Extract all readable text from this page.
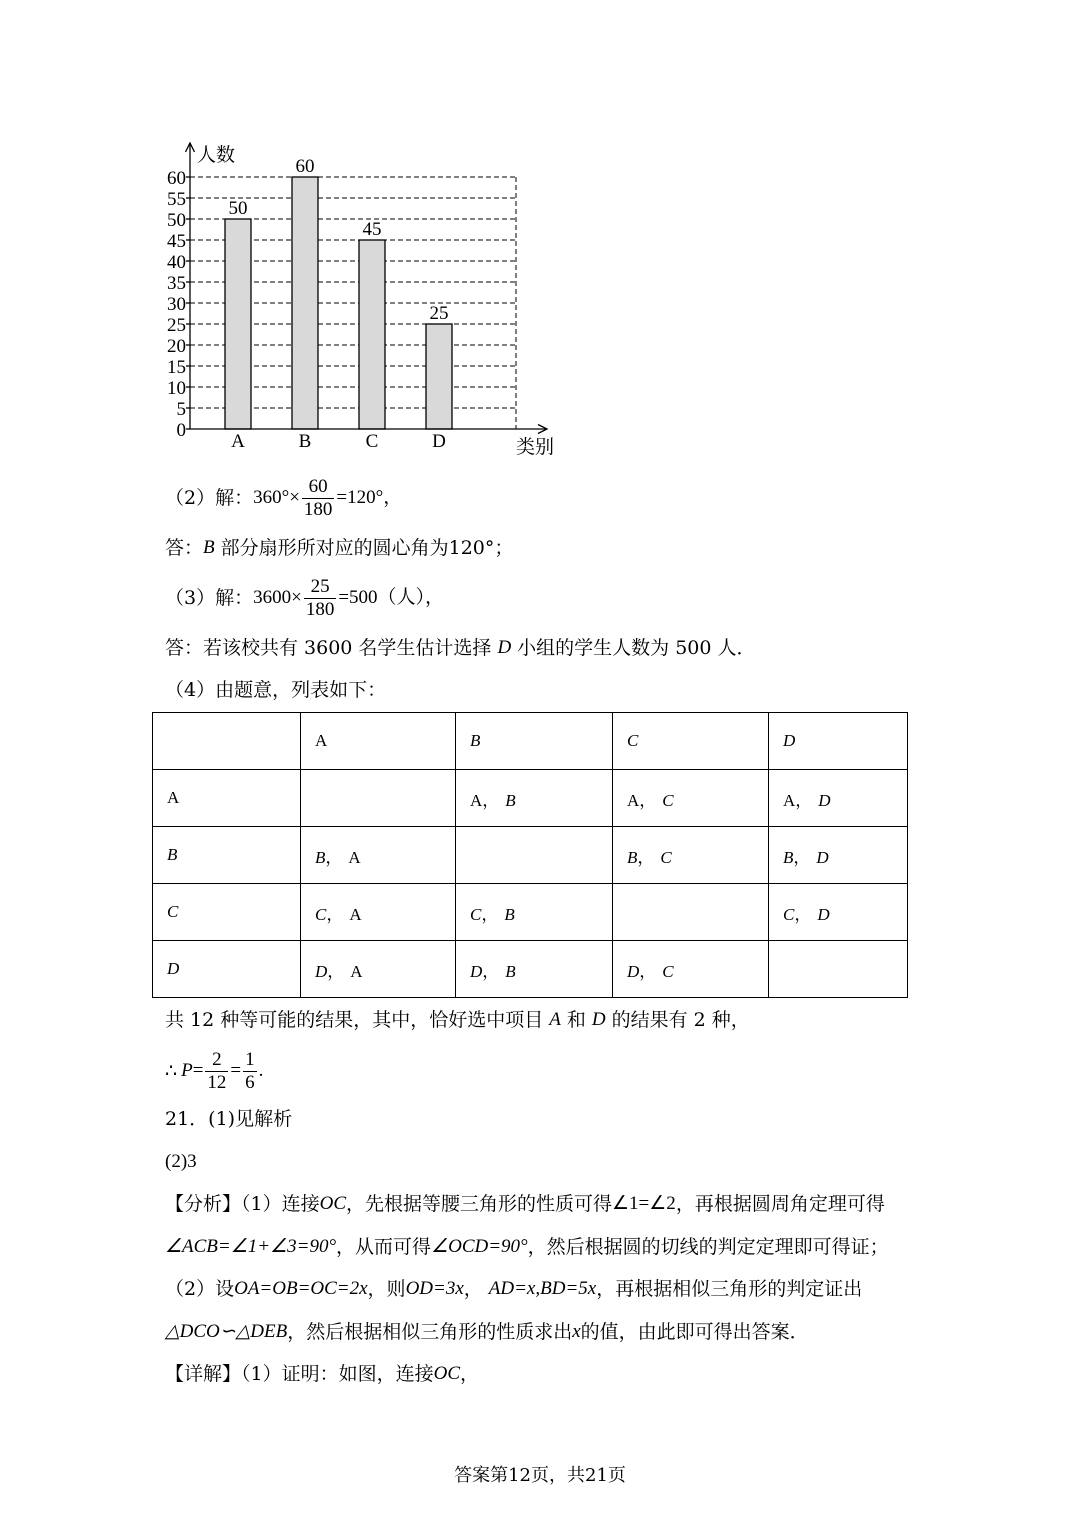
0
5
10
15
20
25
30
35
40
45
50
55
60
50
A
60
B
45
C
25
D
人数
类别
（2）解： $360^\circ\times \frac{60}{180} =120^\circ$，
答： B 部分扇形所对应的圆心角为120°；
（3）解： $3600\times \frac{25}{180} =500$（人），
答：若该校共有 3600 名学生估计选择 D 小组的学生人数为 500 人．
（4）由题意，列表如下：
	A	B	C	D
A		A， B	A， C	A， D
B	B， A		B， C	B， D
C	C， A	C， B		C， D
D	D， A	D， B	D， C	
共 12 种等可能的结果，其中，恰好选中项目 A 和 D 的结果有 2 种，
∴ $P = \frac{2}{12} = \frac{1}{6}$ .
21．(1)见解析
(2)3
【分析】（1）连接 OC ，先根据等腰三角形的性质可得 ∠1=∠2 ，再根据圆周角定理可得
∠ACB=∠1+∠3=90° ，从而可得 ∠OCD=90° ，然后根据圆的切线的判定定理即可得证；
（2）设 OA=OB=OC=2x ，则 OD=3x ， AD=x,BD=5x ，再根据相似三角形的判定证出
△DCO∽△DEB ，然后根据相似三角形的性质求出 x 的值，由此即可得出答案．
【详解】（1）证明：如图，连接 OC ，
答案第12页，共21页
